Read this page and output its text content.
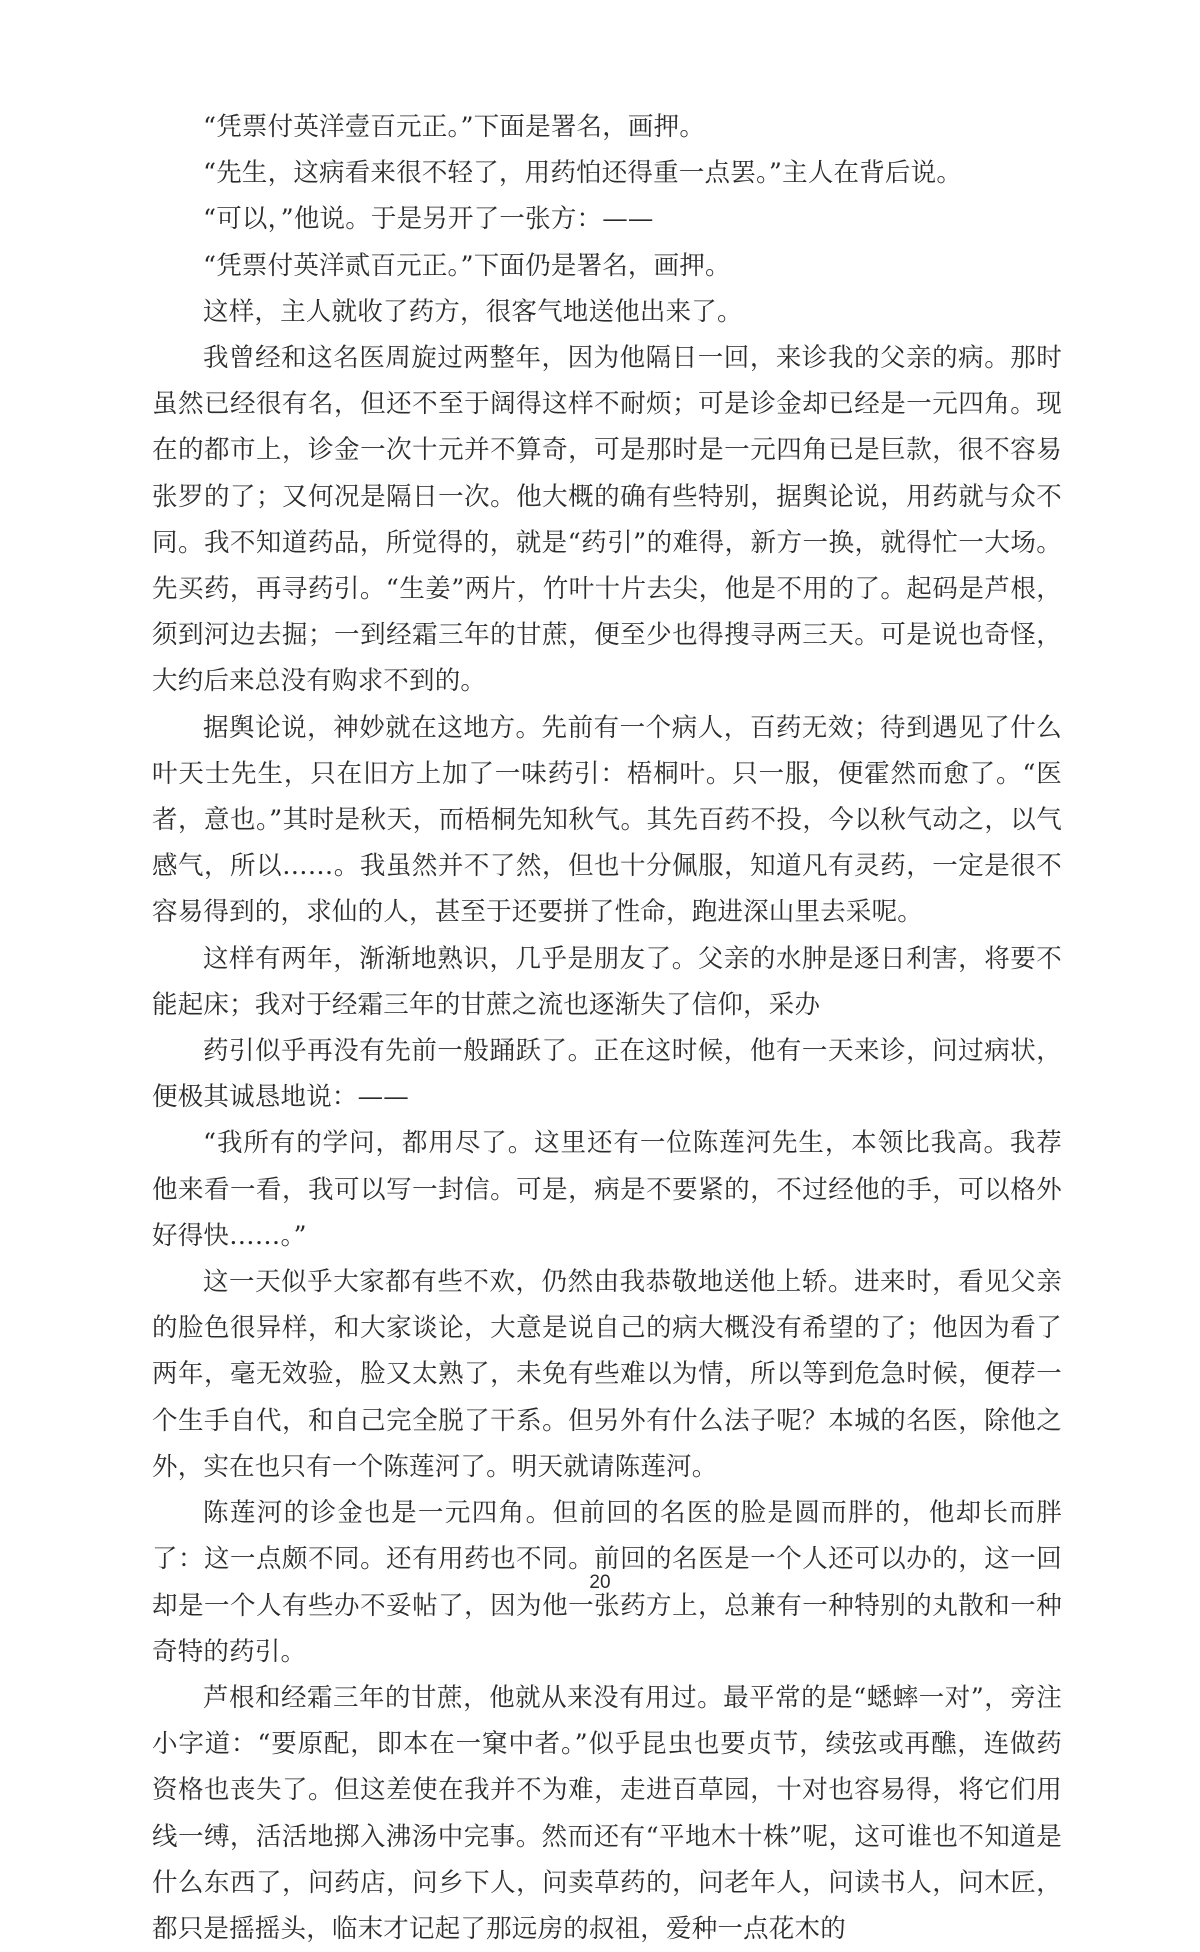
“凭票付英洋壹百元正。”下面是署名，画押。

“先生，这病看来很不轻了，用药怕还得重一点罢。”主人在背后说。

“可以，”他说。于是另开了一张方：——

“凭票付英洋贰百元正。”下面仍是署名，画押。

这样，主人就收了药方，很客气地送他出来了。

我曾经和这名医周旋过两整年，因为他隔日一回，来诊我的父亲的病。那时虽然已经很有名，但还不至于阔得这样不耐烦；可是诊金却已经是一元四角。现在的都市上，诊金一次十元并不算奇，可是那时是一元四角已是巨款，很不容易张罗的了；又何况是隔日一次。他大概的确有些特别，据舆论说，用药就与众不同。我不知道药品，所觉得的，就是“药引”的难得，新方一换，就得忙一大场。先买药，再寻药引。“生姜”两片，竹叶十片去尖，他是不用的了。起码是芦根，须到河边去掘；一到经霜三年的甘蔗，便至少也得搜寻两三天。可是说也奇怪，大约后来总没有购求不到的。

据舆论说，神妙就在这地方。先前有一个病人，百药无效；待到遇见了什么叶天士先生，只在旧方上加了一味药引：梧桐叶。只一服，便霍然而愈了。“医者，意也。”其时是秋天，而梧桐先知秋气。其先百药不投，今以秋气动之，以气感气，所以……。我虽然并不了然，但也十分佩服，知道凡有灵药，一定是很不容易得到的，求仙的人，甚至于还要拼了性命，跑进深山里去采呢。

这样有两年，渐渐地熟识，几乎是朋友了。父亲的水肿是逐日利害，将要不能起床；我对于经霜三年的甘蔗之流也逐渐失了信仰，采办

药引似乎再没有先前一般踊跃了。正在这时候，他有一天来诊，问过病状，便极其诚恳地说：——

“我所有的学问，都用尽了。这里还有一位陈莲河先生，本领比我高。我荐他来看一看，我可以写一封信。可是，病是不要紧的，不过经他的手，可以格外好得快……。”

这一天似乎大家都有些不欢，仍然由我恭敬地送他上轿。进来时，看见父亲的脸色很异样，和大家谈论，大意是说自己的病大概没有希望的了；他因为看了两年，毫无效验，脸又太熟了，未免有些难以为情，所以等到危急时候，便荐一个生手自代，和自己完全脱了干系。但另外有什么法子呢？本城的名医，除他之外，实在也只有一个陈莲河了。明天就请陈莲河。

陈莲河的诊金也是一元四角。但前回的名医的脸是圆而胖的，他却长而胖了：这一点颇不同。还有用药也不同。前回的名医是一个人还可以办的，这一回却是一个人有些办不妥帖了，因为他一张药方上，总兼有一种特别的丸散和一种奇特的药引。

芦根和经霜三年的甘蔗，他就从来没有用过。最平常的是“蟋蟀一对”，旁注小字道：“要原配，即本在一窠中者。”似乎昆虫也要贞节，续弦或再醮，连做药资格也丧失了。但这差使在我并不为难，走进百草园，十对也容易得，将它们用线一缚，活活地掷入沸汤中完事。然而还有“平地木十株”呢，这可谁也不知道是什么东西了，问药店，问乡下人，问卖草药的，问老年人，问读书人，问木匠，都只是摇摇头，临末才记起了那远房的叔祖，爱种一点花木的

20
